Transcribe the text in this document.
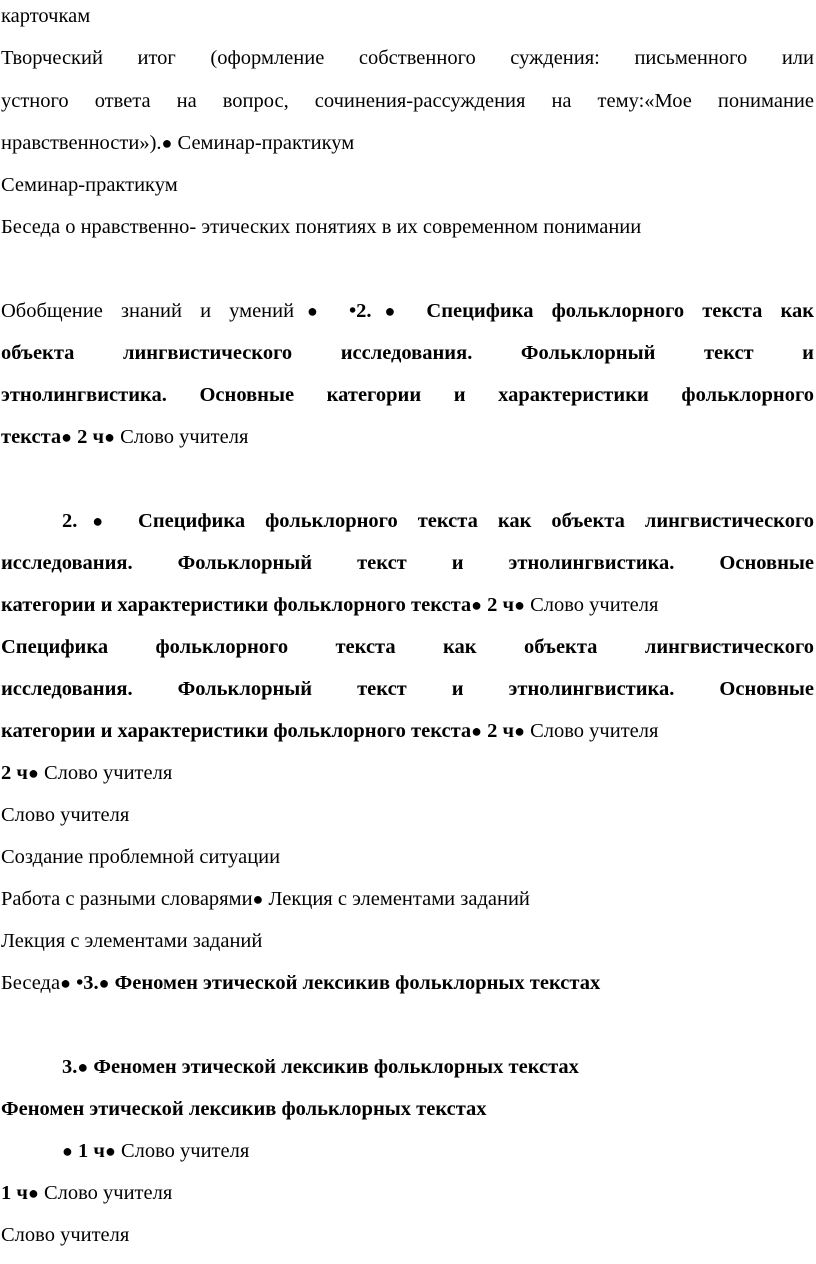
карточкам
Творческий итог (оформление собственного суждения: письменного или
устного ответа на вопрос, сочинения-рассуждения на тему:«Мое понимание
нравственности»).● Семинар-практикум
Семинар-практикум
Беседа о нравственно- этических понятиях в их современном понимании
Обобщение знаний и умений● •2.● Специфика фольклорного текста как
объекта лингвистического исследования. Фольклорный текст и
этнолингвистика. Основные категории и характеристики фольклорного
текста● 2 ч● Слово учителя
2.● Специфика фольклорного текста как объекта лингвистического
исследования. Фольклорный текст и этнолингвистика. Основные
категории и характеристики фольклорного текста● 2 ч● Слово учителя
Специфика фольклорного текста как объекта лингвистического
исследования. Фольклорный текст и этнолингвистика. Основные
категории и характеристики фольклорного текста● 2 ч● Слово учителя
2 ч● Слово учителя
Слово учителя
Создание проблемной ситуации
Работа с разными словарями● Лекция с элементами заданий
Лекция с элементами заданий
Беседа● •3.● Феномен этической лексикив фольклорных текстах
3.● Феномен этической лексикив фольклорных текстах
Феномен этической лексикив фольклорных текстах
● 1 ч● Слово учителя
1 ч● Слово учителя
Слово учителя
